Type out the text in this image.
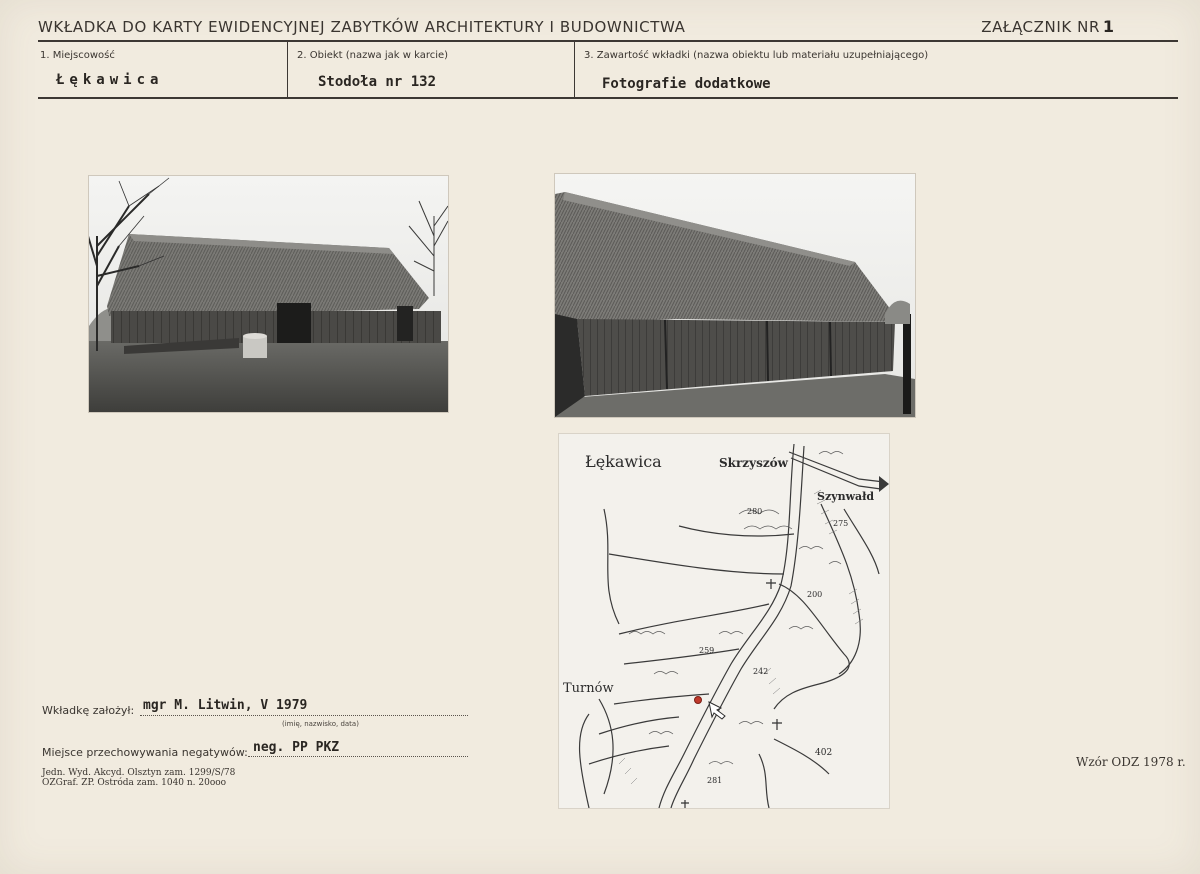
WKŁADKA DO KARTY EWIDENCYJNEJ ZABYTKÓW ARCHITEKTURY I BUDOWNICTWA	ZAŁĄCZNIK NR 1
1. Miejscowość
Łękawica
2. Obiekt (nazwa jak w karcie)
Stodoła nr 132
3. Zawartość wkładki (nazwa obiektu lub materiału uzupełniającego)
Fotografie dodatkowe
Łękawica	Skrzyszów
Szynwałd
Turnów
280
275
200
259
242
281
402
Wkładkę założył: mgr M. Litwin, V 1979
(imię, nazwisko, data)
Miejsce przechowywania negatywów: neg. PP PKZ
Jedn. Wyd. Akcyd. Olsztyn zam. 1299/S/78
OZGraf. ZP. Ostróda zam. 1040 n. 20ooo
Wzór ODZ 1978 r.
